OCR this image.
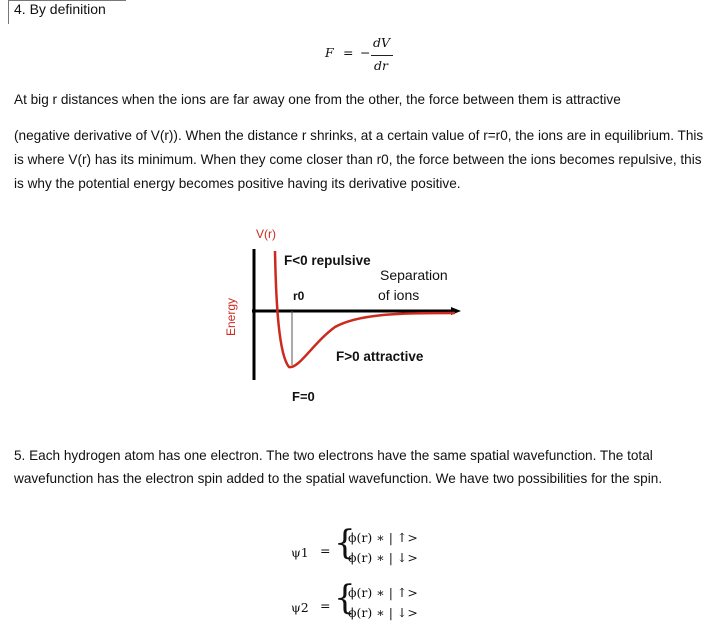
4. By definition
F = −
dV
dr

At big r distances when the ions are far away one from the other, the force between them is attractive

(negative derivative of V(r)). When the distance r shrinks, at a certain value of r=r0, the ions are in equilibrium. This is where V(r) has its minimum. When they come closer than r0, the force between the ions becomes repulsive, this is why the potential energy becomes positive having its derivative positive.

V(r)
Energy
F<0 repulsive
Separation
of ions
r0
F>0 attractive
F=0

5. Each hydrogen atom has one electron. The two electrons have the same spatial wavefunction. The total wavefunction has the electron spin added to the spatial wavefunction. We have two possibilities for the spin.

ψ1 = {
ϕ(r) ∗ | ↑>
ϕ(r) ∗ | ↓>
ψ2 = {
ϕ(r) ∗ | ↑>
ϕ(r) ∗ | ↓>
